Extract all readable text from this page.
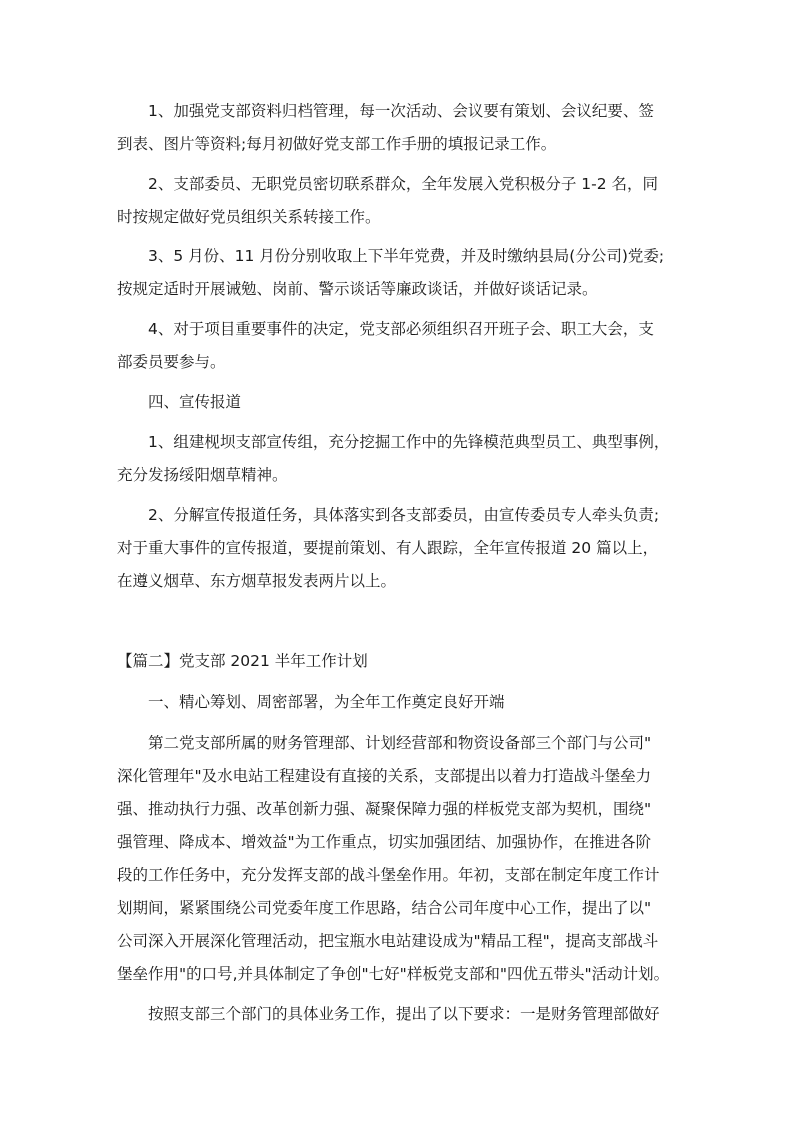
1、加强党支部资料归档管理，每一次活动、会议要有策划、会议纪要、签

到表、图片等资料;每月初做好党支部工作手册的填报记录工作。

2、支部委员、无职党员密切联系群众，全年发展入党积极分子 1-2 名，同

时按规定做好党员组织关系转接工作。

3、5 月份、11 月份分别收取上下半年党费，并及时缴纳县局(分公司)党委;

按规定适时开展诫勉、岗前、警示谈话等廉政谈话，并做好谈话记录。

4、对于项目重要事件的决定，党支部必须组织召开班子会、职工大会，支

部委员要参与。

四、宣传报道

1、组建枧坝支部宣传组，充分挖掘工作中的先锋模范典型员工、典型事例，

充分发扬绥阳烟草精神。

2、分解宣传报道任务，具体落实到各支部委员，由宣传委员专人牵头负责;

对于重大事件的宣传报道，要提前策划、有人跟踪，全年宣传报道 20 篇以上，

在遵义烟草、东方烟草报发表两片以上。

【篇二】党支部 2021 半年工作计划

一、精心筹划、周密部署，为全年工作奠定良好开端

第二党支部所属的财务管理部、计划经营部和物资设备部三个部门与公司"

深化管理年"及水电站工程建设有直接的关系，支部提出以着力打造战斗堡垒力

强、推动执行力强、改革创新力强、凝聚保障力强的样板党支部为契机，围绕"

强管理、降成本、增效益"为工作重点，切实加强团结、加强协作，在推进各阶

段的工作任务中，充分发挥支部的战斗堡垒作用。年初，支部在制定年度工作计

划期间，紧紧围绕公司党委年度工作思路，结合公司年度中心工作，提出了以"

公司深入开展深化管理活动，把宝瓶水电站建设成为"精品工程"，提高支部战斗

堡垒作用"的口号,并具体制定了争创"七好"样板党支部和"四优五带头"活动计划。

按照支部三个部门的具体业务工作，提出了以下要求：一是财务管理部做好
